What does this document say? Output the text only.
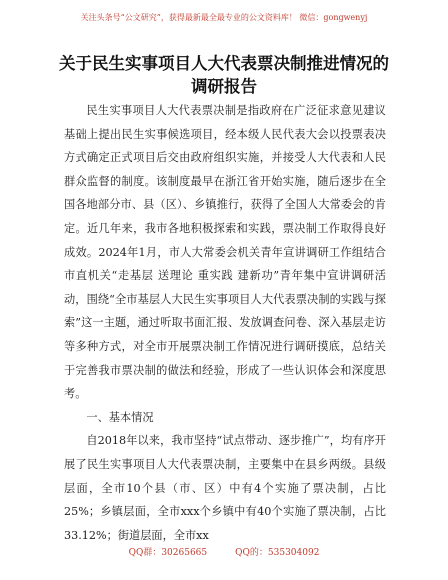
关注头条号“公文研究”，获得最新最全最专业的公文资料库！ 微信：gongwenyj
关于民生实事项目人大代表票决制推进情况的
调研报告

民生实事项目人大代表票决制是指政府在广泛征求意见建议基础上提出民生实事候选项目，经本级人民代表大会以投票表决方式确定正式项目后交由政府组织实施，并接受人大代表和人民群众监督的制度。该制度最早在浙江省开始实施，随后逐步在全国各地部分市、县（区）、乡镇推行，获得了全国人大常委会的肯定。近几年来，我市各地积极探索和实践，票决制工作取得良好成效。2024年1月，市人大常委会机关青年宣讲调研工作组结合市直机关“走基层 送理论 重实践 建新功”青年集中宣讲调研活动，围绕“全市基层人大民生实事项目人大代表票决制的实践与探索”这一主题，通过听取书面汇报、发放调查问卷、深入基层走访等多种方式，对全市开展票决制工作情况进行调研摸底，总结关于完善我市票决制的做法和经验，形成了一些认识体会和深度思考。

一、基本情况

自2018年以来，我市坚持“试点带动、逐步推广”，均有序开展了民生实事项目人大代表票决制，主要集中在县乡两级。县级层面，全市10个县（市、区）中有4个实施了票决制，占比25%；乡镇层面，全市xxx个乡镇中有40个实施了票决制，占比33.12%；街道层面，全市xx

QQ群：30265665	QQ的：535304092
